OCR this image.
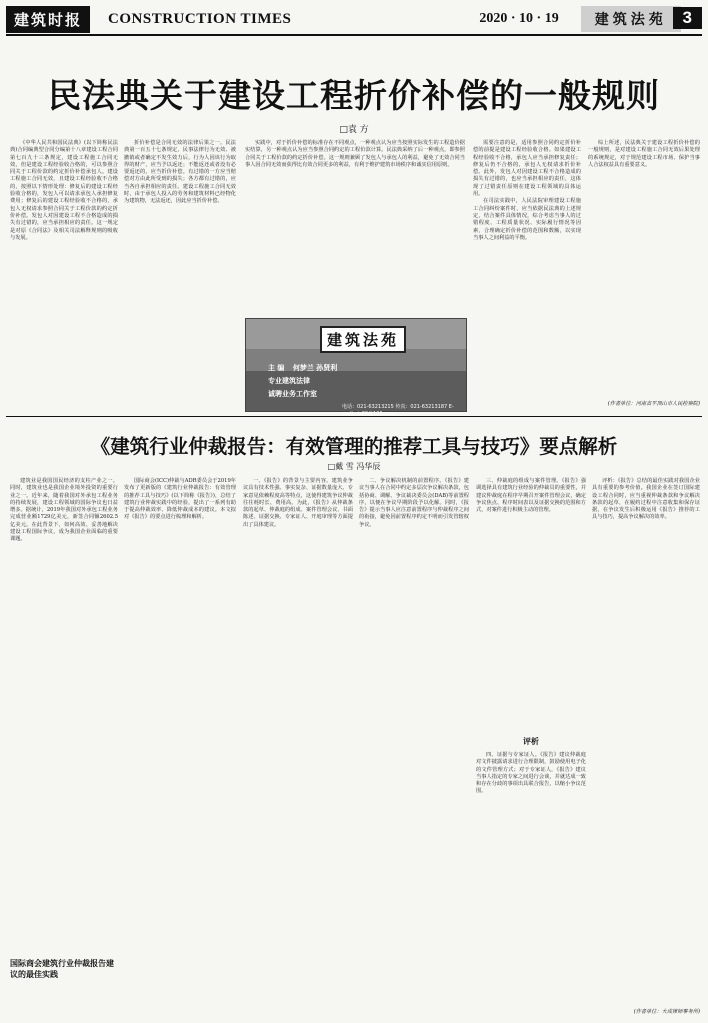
建筑时报	CONSTRUCTION TIMES	2020 · 10 · 19	建筑法苑 3
民法典关于建设工程折价补偿的一般规则
□袁 方

《中华人民共和国民法典》(以下简称民法典)合同编典型合同分编第十八章建设工程合同第七百九十三条规定，建设工程施工合同无效，但是建设工程经验收合格的，可以参照合同关于工程价款的约定折价补偿承包人。建设工程施工合同无效，且建设工程经验收不合格的，按照以下情形处理：修复后的建设工程经验收合格的，发包人可以请求承包人承担修复费用；修复后的建设工程经验收不合格的，承包人无权请求参照合同关于工程价款的约定折价补偿。发包人对因建设工程不合格造成的损失有过错的，应当承担相应的责任。这一规定是对原《合同法》及相关司法解释规则的吸收与发展。

折价补偿是合同无效的法律后果之一。民法典第一百五十七条规定，民事法律行为无效、被撤销或者确定不发生效力后，行为人因该行为取得的财产，应当予以返还；不能返还或者没有必要返还的，应当折价补偿。有过错的一方应当赔偿对方由此所受到的损失；各方都有过错的，应当各自承担相应的责任。建设工程施工合同无效时，由于承包人投入的劳务和建筑材料已经物化为建筑物，无法返还，因此应当折价补偿。

实践中，对于折价补偿的标准存在不同观点，一种观点认为应当按照实际发生的工程造价据实结算，另一种观点认为应当参照合同约定的工程价款计算。民法典采纳了后一种观点，即参照合同关于工程价款的约定折价补偿。这一规则兼顾了发包人与承包人的利益，避免了无效合同当事人因合同无效而获得比有效合同更多的利益，有利于维护建筑市场秩序和诚实信用原则。

需要注意的是，适用参照合同约定折价补偿的前提是建设工程经验收合格。如果建设工程经验收不合格，承包人应当承担修复责任；修复后仍不合格的，承包人无权请求折价补偿。此外，发包人对因建设工程不合格造成的损失有过错的，也应当承担相应的责任，这体现了过错责任原则在建设工程领域的具体运用。

在司法实践中，人民法院审理建设工程施工合同纠纷案件时，应当依据民法典的上述规定，结合案件具体情况，综合考虑当事人的过错程度、工程质量状况、实际履行情况等因素，合理确定折价补偿的范围和数额，以实现当事人之间利益的平衡。

综上所述，民法典关于建设工程折价补偿的一般规则，是对建设工程施工合同无效后果处理的系统规定，对于规范建设工程市场、保护当事人合法权益具有重要意义。

(作者单位：河南省平顶山市人民检察院)
建筑法苑
主 编 何梦兰 孙贤利
专业建筑法律
诚聘业务工作室
电话：021-63213215 传真：021-63213187 E-mail：js88@126.com
《建筑行业仲裁报告：有效管理的推荐工具与技巧》要点解析
□戴 雪 冯华辰

建筑业是我国国民经济的支柱产业之一。同时，建筑业也是我国企业境外投资的重要行业之一。近年来，随着我国对外承包工程业务的持续发展，建设工程领域的国际争议也日益增多。据统计，2019年我国对外承包工程业务完成营业额1729亿美元，新签合同额2602.5亿美元。在此背景下，如何高效、妥善地解决建设工程国际争议，成为我国企业面临的重要课题。

国际商会建筑行业仲裁报告建议的最佳实践

国际商会(ICC)仲裁与ADR委员会于2019年发布了更新版的《建筑行业仲裁报告：有效管理的推荐工具与技巧》(以下简称《报告》)，总结了建筑行业仲裁实践中的经验，提出了一系列有助于提高仲裁效率、降低仲裁成本的建议。本文拟对《报告》的要点进行梳理和解析。

一、《报告》的背景与主要内容。建筑业争议具有技术性强、事实复杂、证据数量庞大、专家意见依赖程度高等特点，这使得建筑争议仲裁往往耗时长、费用高。为此，《报告》从仲裁条款的起草、仲裁庭的组成、案件管理会议、书面陈述、证据交换、专家证人、开庭审理等方面提出了具体建议。

二、争议解决机制的前置程序。《报告》建议当事人在合同中约定多层次争议解决条款，包括协商、调解、争议裁决委员会(DAB)等前置程序，以便在争议早期阶段予以化解。同时，《报告》提示当事人应注意前置程序与仲裁程序之间的衔接，避免因前置程序约定不明而引发管辖权争议。

三、仲裁庭的组成与案件管理。《报告》强调选择具有建筑行业经验的仲裁员的重要性，并建议仲裁庭在程序早期召开案件管理会议，确定争议焦点、程序时间表以及证据交换的范围和方式，对案件进行积极主动的管理。

评析

四、证据与专家证人。《报告》建议仲裁庭对文件披露请求进行合理限制，鼓励使用电子化的文件管理方式；对于专家证人，《报告》建议当事人指定的专家之间进行会谈，并就达成一致和存在分歧的事项出具联合报告，以缩小争议范围。

评析：《报告》总结的最佳实践对我国企业具有重要的参考价值。我国企业在签订国际建设工程合同时，应当重视仲裁条款和争议解决条款的起草，在履约过程中注意收集和保存证据，在争议发生后积极运用《报告》推荐的工具与技巧，提高争议解决的效率。

(作者单位：大成律师事务所)
